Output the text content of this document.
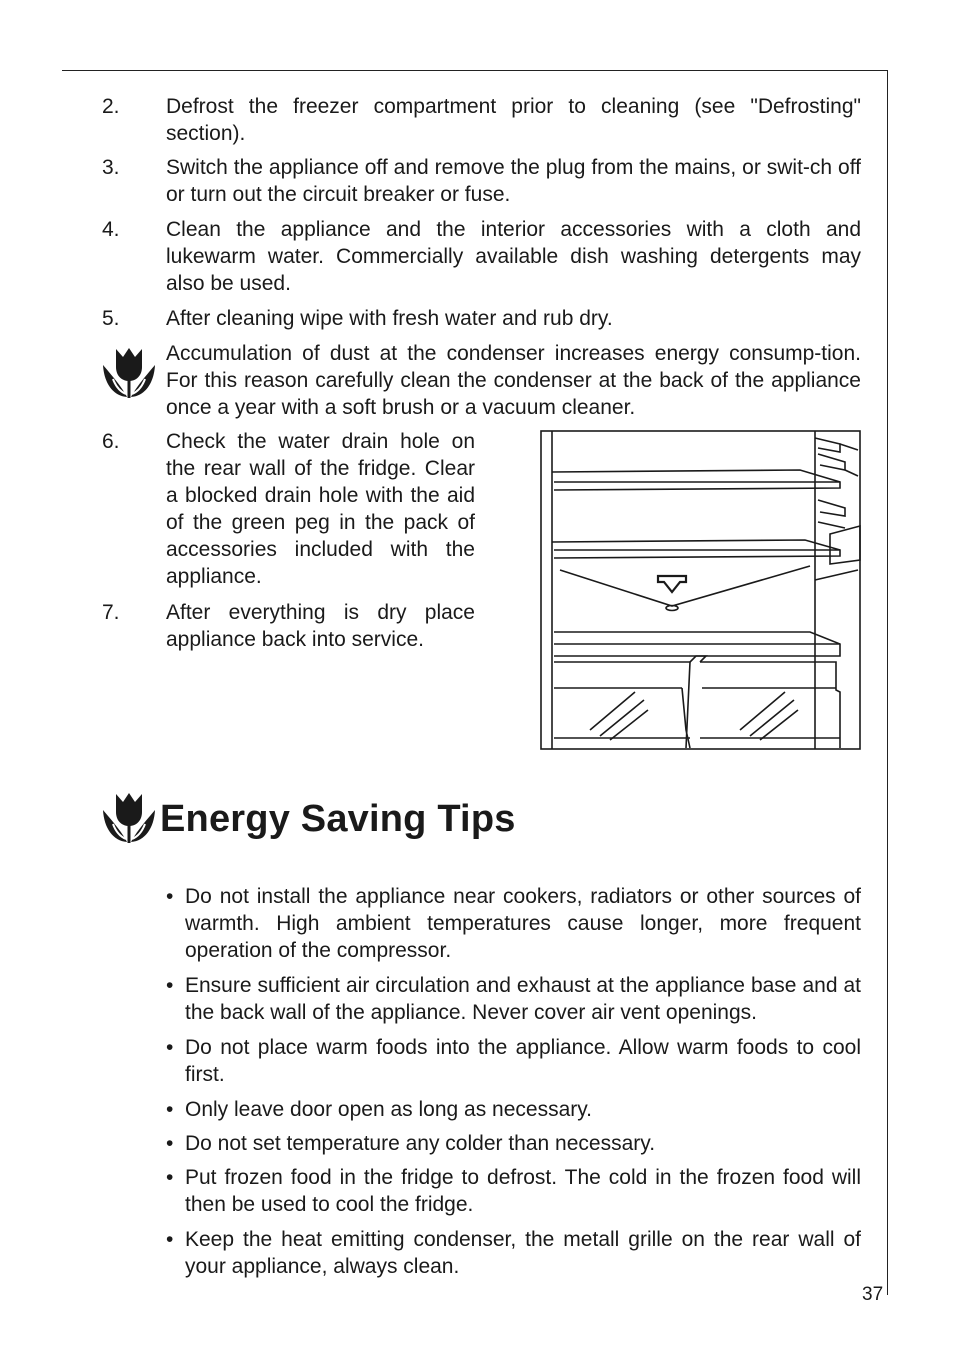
2.	Defrost the freezer compartment prior to cleaning (see "Defrosting" section).
3.	Switch the appliance off and remove the plug from the mains, or swit-ch off or turn out the circuit breaker or fuse.
4.	Clean the appliance and the interior accessories with a cloth and lukewarm water. Commercially available dish washing detergents may also be used.
5.	After cleaning wipe with fresh water and rub dry.
Accumulation of dust at the condenser increases energy consump-tion. For this reason carefully clean the condenser at the back of the appliance once a year with a soft brush or a vacuum cleaner.
6.	Check the water drain hole on the rear wall of the fridge. Clear a blocked drain hole with the aid of the green peg in the pack of accessories included with the appliance.
7.	After everything is dry place appliance back into service.
Energy Saving Tips
• Do not install the appliance near cookers, radiators or other sources of warmth. High ambient temperatures cause longer, more frequent operation of the compressor.
• Ensure sufficient air circulation and exhaust at the appliance base and at the back wall of the appliance. Never cover air vent openings.
• Do not place warm foods into the appliance. Allow warm foods to cool first.
• Only leave door open as long as necessary.
• Do not set temperature any colder than necessary.
• Put frozen food in the fridge to defrost. The cold in the frozen food will then be used to cool the fridge.
• Keep the heat emitting condenser, the metall grille on the rear wall of your appliance, always clean.
37
